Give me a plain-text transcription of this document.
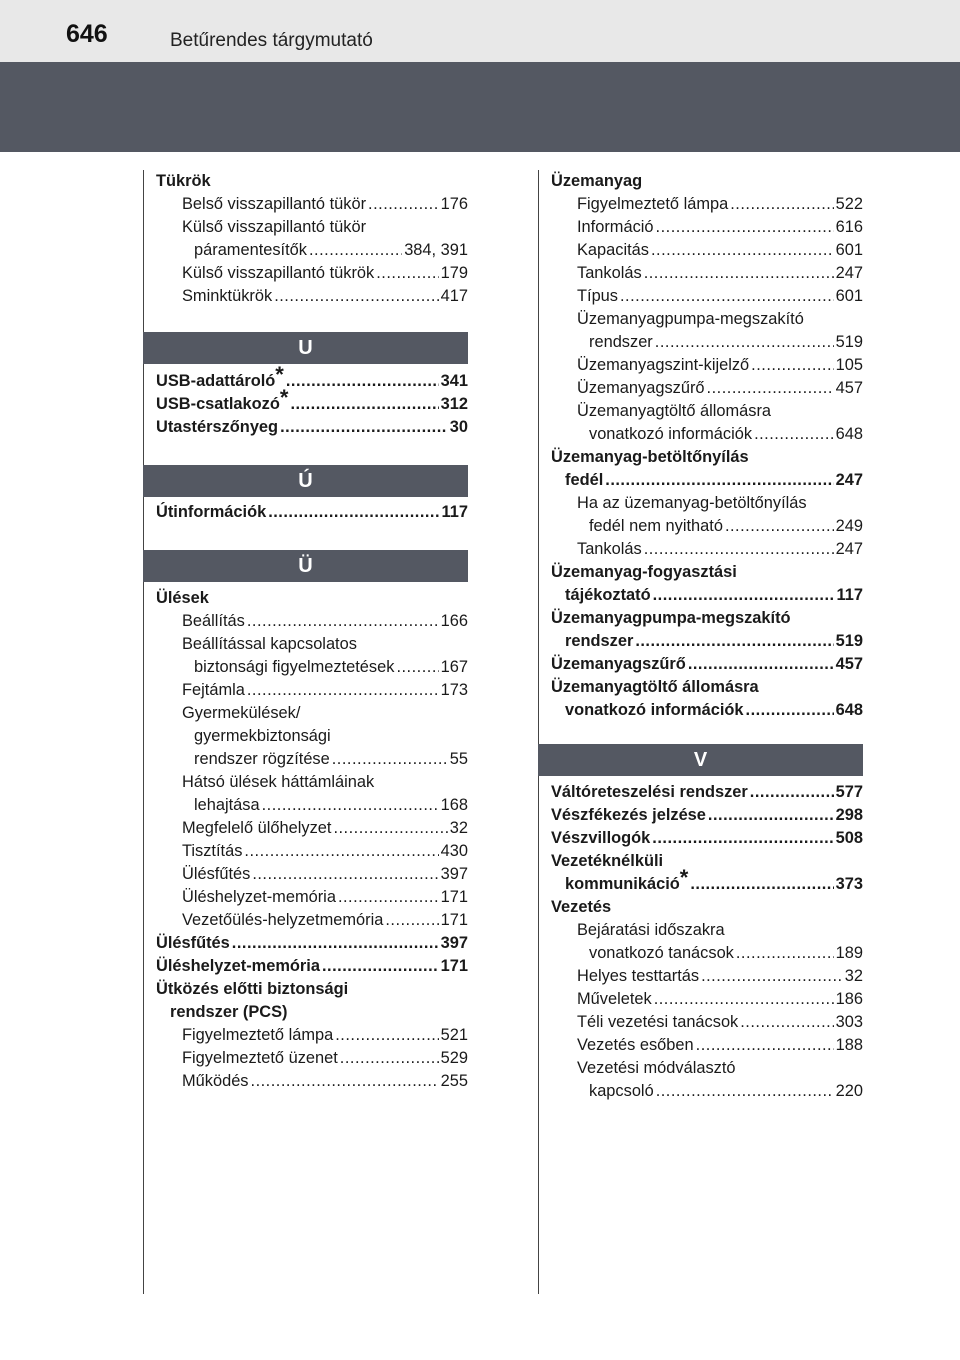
646	Betűrendes tárgymutató
Tükrök
Belső visszapillantó tükör .....	176
Külső visszapillantó tükör
páramentesítők .....	384, 391
Külső visszapillantó tükrök .....	179
Sminktükrök .....	417
U
USB-adattároló* .....	341
USB-csatlakozó* .....	312
Utastérszőnyeg .....	30
Ú
Útinformációk .....	117
Ü
Ülések
Beállítás .....	166
Beállítással kapcsolatos
biztonsági figyelmeztetések .....	167
Fejtámla .....	173
Gyermekülések/
gyermekbiztonsági
rendszer rögzítése .....	55
Hátsó ülések háttámláinak
lehajtása .....	168
Megfelelő ülőhelyzet .....	32
Tisztítás .....	430
Ülésfűtés .....	397
Üléshelyzet-memória .....	171
Vezetőülés-helyzetmemória .....	171
Ülésfűtés .....	397
Üléshelyzet-memória .....	171
Ütközés előtti biztonsági
rendszer (PCS)
Figyelmeztető lámpa .....	521
Figyelmeztető üzenet .....	529
Működés .....	255
Üzemanyag
Figyelmeztető lámpa .....	522
Információ .....	616
Kapacitás .....	601
Tankolás .....	247
Típus .....	601
Üzemanyagpumpa-megszakító
rendszer .....	519
Üzemanyagszint-kijelző .....	105
Üzemanyagszűrő .....	457
Üzemanyagtöltő állomásra
vonatkozó információk .....	648
Üzemanyag-betöltőnyílás
fedél .....	247
Ha az üzemanyag-betöltőnyílás
fedél nem nyitható .....	249
Tankolás .....	247
Üzemanyag-fogyasztási
tájékoztató .....	117
Üzemanyagpumpa-megszakító
rendszer .....	519
Üzemanyagszűrő .....	457
Üzemanyagtöltő állomásra
vonatkozó információk .....	648
V
Váltóreteszelési rendszer .....	577
Vészfékezés jelzése .....	298
Vészvillogók .....	508
Vezetéknélküli
kommunikáció* .....	373
Vezetés
Bejáratási időszakra
vonatkozó tanácsok .....	189
Helyes testtartás .....	32
Műveletek .....	186
Téli vezetési tanácsok .....	303
Vezetés esőben .....	188
Vezetési módválasztó
kapcsoló .....	220
